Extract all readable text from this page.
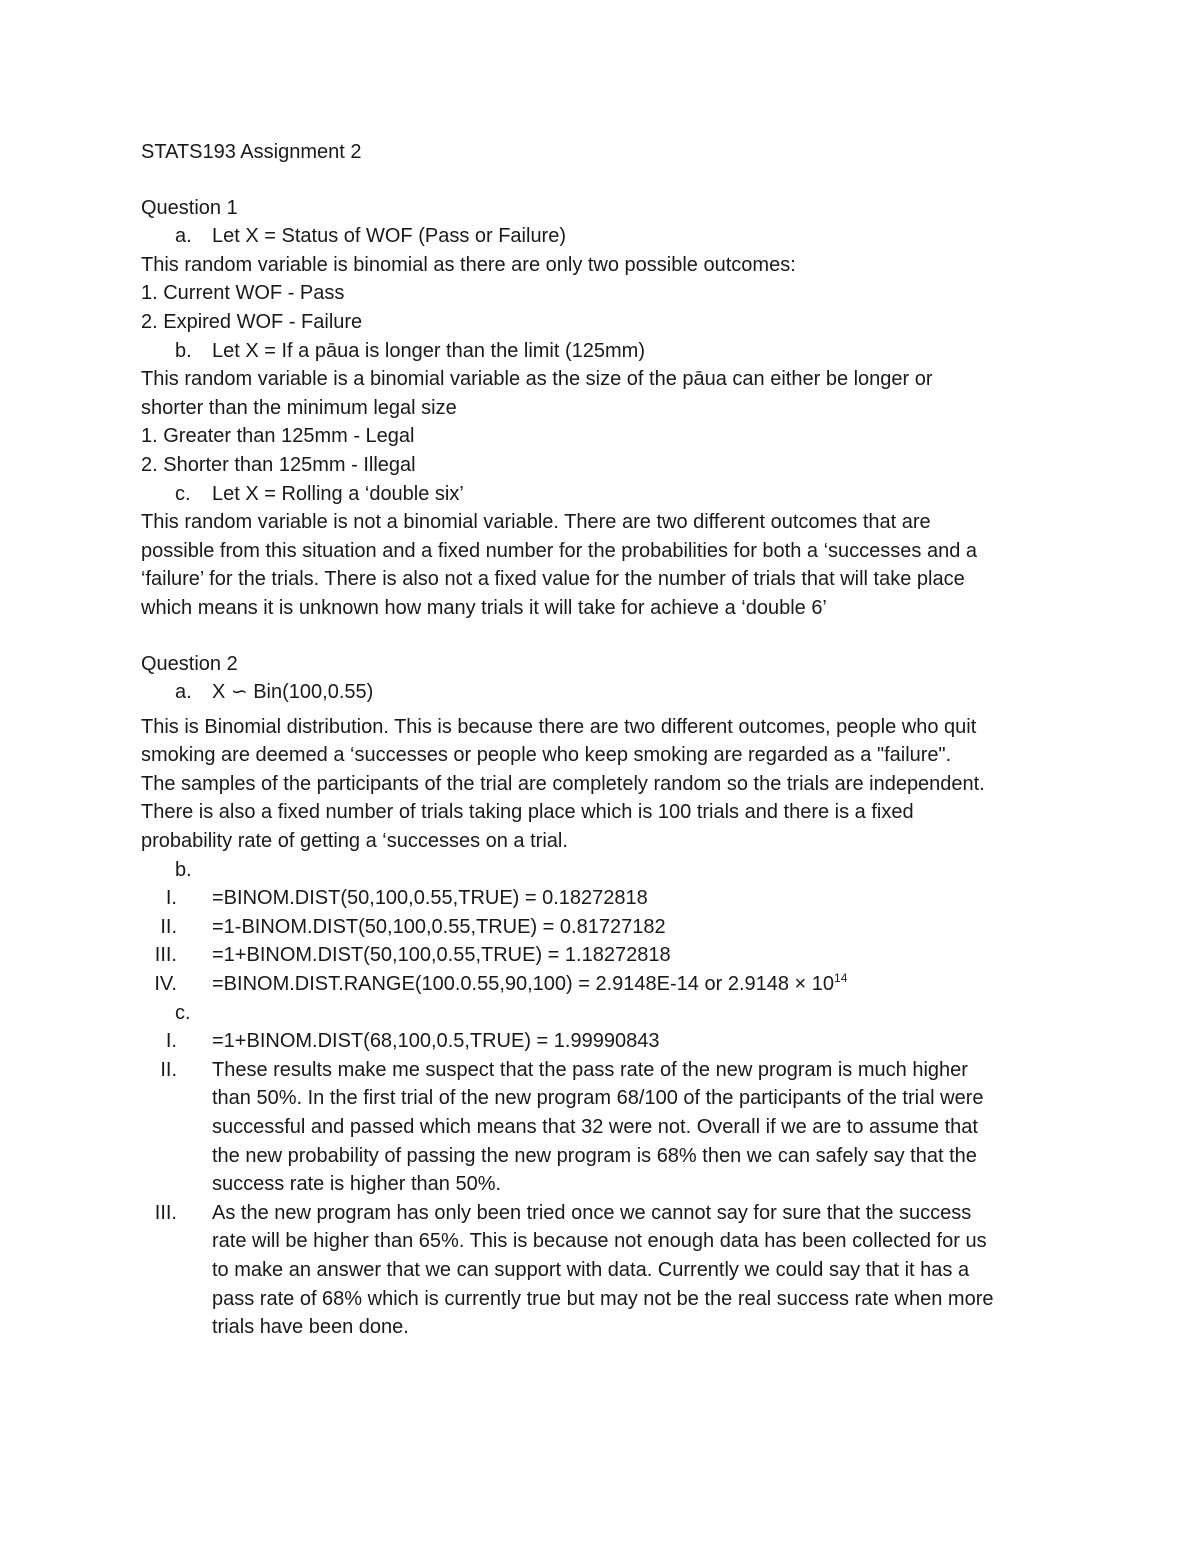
STATS193 Assignment 2
Question 1
a. Let X = Status of WOF (Pass or Failure)
This random variable is binomial as there are only two possible outcomes:
1. Current WOF - Pass
2. Expired WOF - Failure
b. Let X = If a pāua is longer than the limit (125mm)
This random variable is a binomial variable as the size of the pāua can either be longer or
shorter than the minimum legal size
1. Greater than 125mm - Legal
2. Shorter than 125mm - Illegal
c. Let X = Rolling a ‘double six’
This random variable is not a binomial variable. There are two different outcomes that are
possible from this situation and a fixed number for the probabilities for both a ‘successes and a
‘failure’ for the trials. There is also not a fixed value for the number of trials that will take place
which means it is unknown how many trials it will take for achieve a ‘double 6’
Question 2
a. X ∽ Bin(100,0.55)
This is Binomial distribution. This is because there are two different outcomes, people who quit
smoking are deemed a ‘successes or people who keep smoking are regarded as a "failure".
The samples of the participants of the trial are completely random so the trials are independent.
There is also a fixed number of trials taking place which is 100 trials and there is a fixed
probability rate of getting a ‘successes on a trial.
b.
I. =BINOM.DIST(50,100,0.55,TRUE) = 0.18272818
II. =1-BINOM.DIST(50,100,0.55,TRUE) = 0.81727182
III. =1+BINOM.DIST(50,100,0.55,TRUE) = 1.18272818
IV. =BINOM.DIST.RANGE(100.0.55,90,100) = 2.9148E-14 or $2.9148 \times 10^{14}$
c.
I. =1+BINOM.DIST(68,100,0.5,TRUE) = 1.99990843
II. These results make me suspect that the pass rate of the new program is much higher
than 50%. In the first trial of the new program 68/100 of the participants of the trial were
successful and passed which means that 32 were not. Overall if we are to assume that
the new probability of passing the new program is 68% then we can safely say that the
success rate is higher than 50%.
III. As the new program has only been tried once we cannot say for sure that the success
rate will be higher than 65%. This is because not enough data has been collected for us
to make an answer that we can support with data. Currently we could say that it has a
pass rate of 68% which is currently true but may not be the real success rate when more
trials have been done.
